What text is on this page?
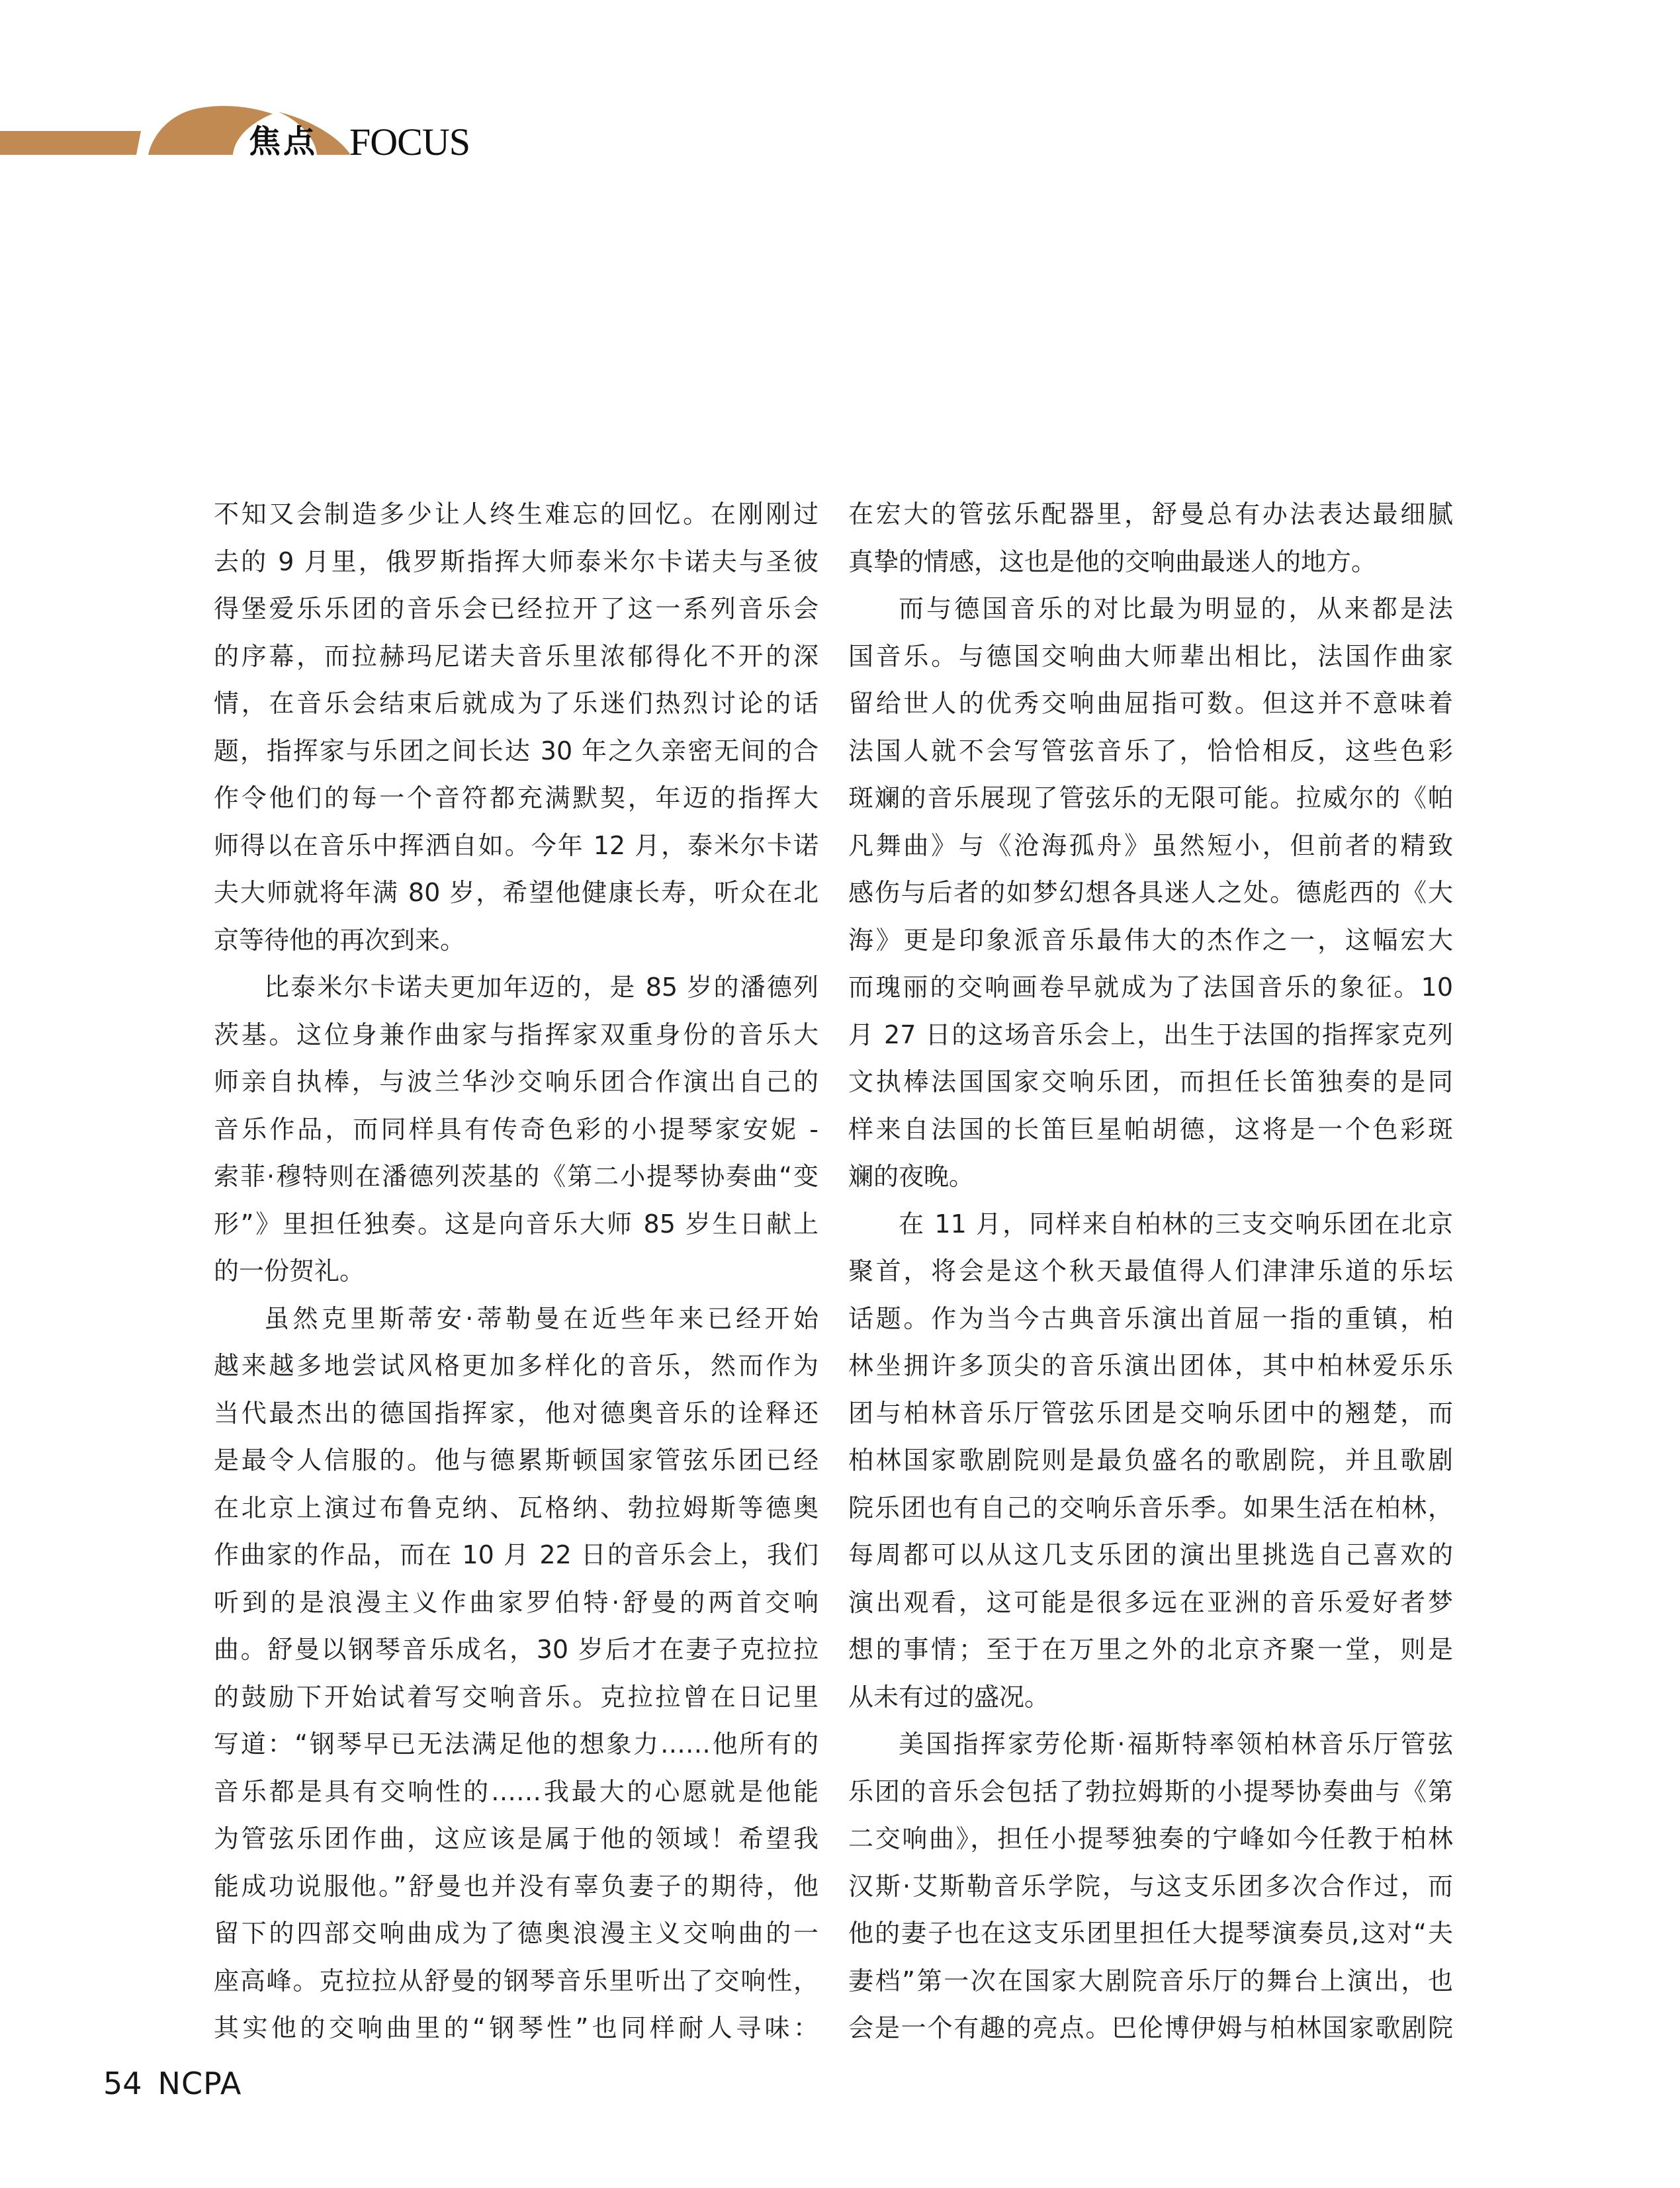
焦点 FOCUS
不知又会制造多少让人终生难忘的回忆。在刚刚过
去的 9 月里，俄罗斯指挥大师泰米尔卡诺夫与圣彼
得堡爱乐乐团的音乐会已经拉开了这一系列音乐会
的序幕，而拉赫玛尼诺夫音乐里浓郁得化不开的深
情，在音乐会结束后就成为了乐迷们热烈讨论的话
题，指挥家与乐团之间长达 30 年之久亲密无间的合
作令他们的每一个音符都充满默契，年迈的指挥大
师得以在音乐中挥洒自如。今年 12 月，泰米尔卡诺
夫大师就将年满 80 岁，希望他健康长寿，听众在北
京等待他的再次到来。
比泰米尔卡诺夫更加年迈的，是 85 岁的潘德列
茨基。这位身兼作曲家与指挥家双重身份的音乐大
师亲自执棒，与波兰华沙交响乐团合作演出自己的
音乐作品，而同样具有传奇色彩的小提琴家安妮 -
索菲·穆特则在潘德列茨基的《第二小提琴协奏曲“变
形”》里担任独奏。这是向音乐大师 85 岁生日献上
的一份贺礼。
虽然克里斯蒂安·蒂勒曼在近些年来已经开始
越来越多地尝试风格更加多样化的音乐，然而作为
当代最杰出的德国指挥家，他对德奥音乐的诠释还
是最令人信服的。他与德累斯顿国家管弦乐团已经
在北京上演过布鲁克纳、瓦格纳、勃拉姆斯等德奥
作曲家的作品，而在 10 月 22 日的音乐会上，我们
听到的是浪漫主义作曲家罗伯特·舒曼的两首交响
曲。舒曼以钢琴音乐成名，30 岁后才在妻子克拉拉
的鼓励下开始试着写交响音乐。克拉拉曾在日记里
写道：“钢琴早已无法满足他的想象力……他所有的
音乐都是具有交响性的……我最大的心愿就是他能
为管弦乐团作曲，这应该是属于他的领域！希望我
能成功说服他。”舒曼也并没有辜负妻子的期待，他
留下的四部交响曲成为了德奥浪漫主义交响曲的一
座高峰。克拉拉从舒曼的钢琴音乐里听出了交响性，
其实他的交响曲里的“钢琴性”也同样耐人寻味：
在宏大的管弦乐配器里，舒曼总有办法表达最细腻
真挚的情感，这也是他的交响曲最迷人的地方。
而与德国音乐的对比最为明显的，从来都是法
国音乐。与德国交响曲大师辈出相比，法国作曲家
留给世人的优秀交响曲屈指可数。但这并不意味着
法国人就不会写管弦音乐了，恰恰相反，这些色彩
斑斓的音乐展现了管弦乐的无限可能。拉威尔的《帕
凡舞曲》与《沧海孤舟》虽然短小，但前者的精致
感伤与后者的如梦幻想各具迷人之处。德彪西的《大
海》更是印象派音乐最伟大的杰作之一，这幅宏大
而瑰丽的交响画卷早就成为了法国音乐的象征。10
月 27 日的这场音乐会上，出生于法国的指挥家克列
文执棒法国国家交响乐团，而担任长笛独奏的是同
样来自法国的长笛巨星帕胡德，这将是一个色彩斑
斓的夜晚。
在 11 月，同样来自柏林的三支交响乐团在北京
聚首，将会是这个秋天最值得人们津津乐道的乐坛
话题。作为当今古典音乐演出首屈一指的重镇，柏
林坐拥许多顶尖的音乐演出团体，其中柏林爱乐乐
团与柏林音乐厅管弦乐团是交响乐团中的翘楚，而
柏林国家歌剧院则是最负盛名的歌剧院，并且歌剧
院乐团也有自己的交响乐音乐季。如果生活在柏林，
每周都可以从这几支乐团的演出里挑选自己喜欢的
演出观看，这可能是很多远在亚洲的音乐爱好者梦
想的事情；至于在万里之外的北京齐聚一堂，则是
从未有过的盛况。
美国指挥家劳伦斯·福斯特率领柏林音乐厅管弦
乐团的音乐会包括了勃拉姆斯的小提琴协奏曲与《第
二交响曲》，担任小提琴独奏的宁峰如今任教于柏林
汉斯·艾斯勒音乐学院，与这支乐团多次合作过，而
他的妻子也在这支乐团里担任大提琴演奏员,这对“夫
妻档”第一次在国家大剧院音乐厅的舞台上演出，也
会是一个有趣的亮点。巴伦博伊姆与柏林国家歌剧院
54 NCPA
